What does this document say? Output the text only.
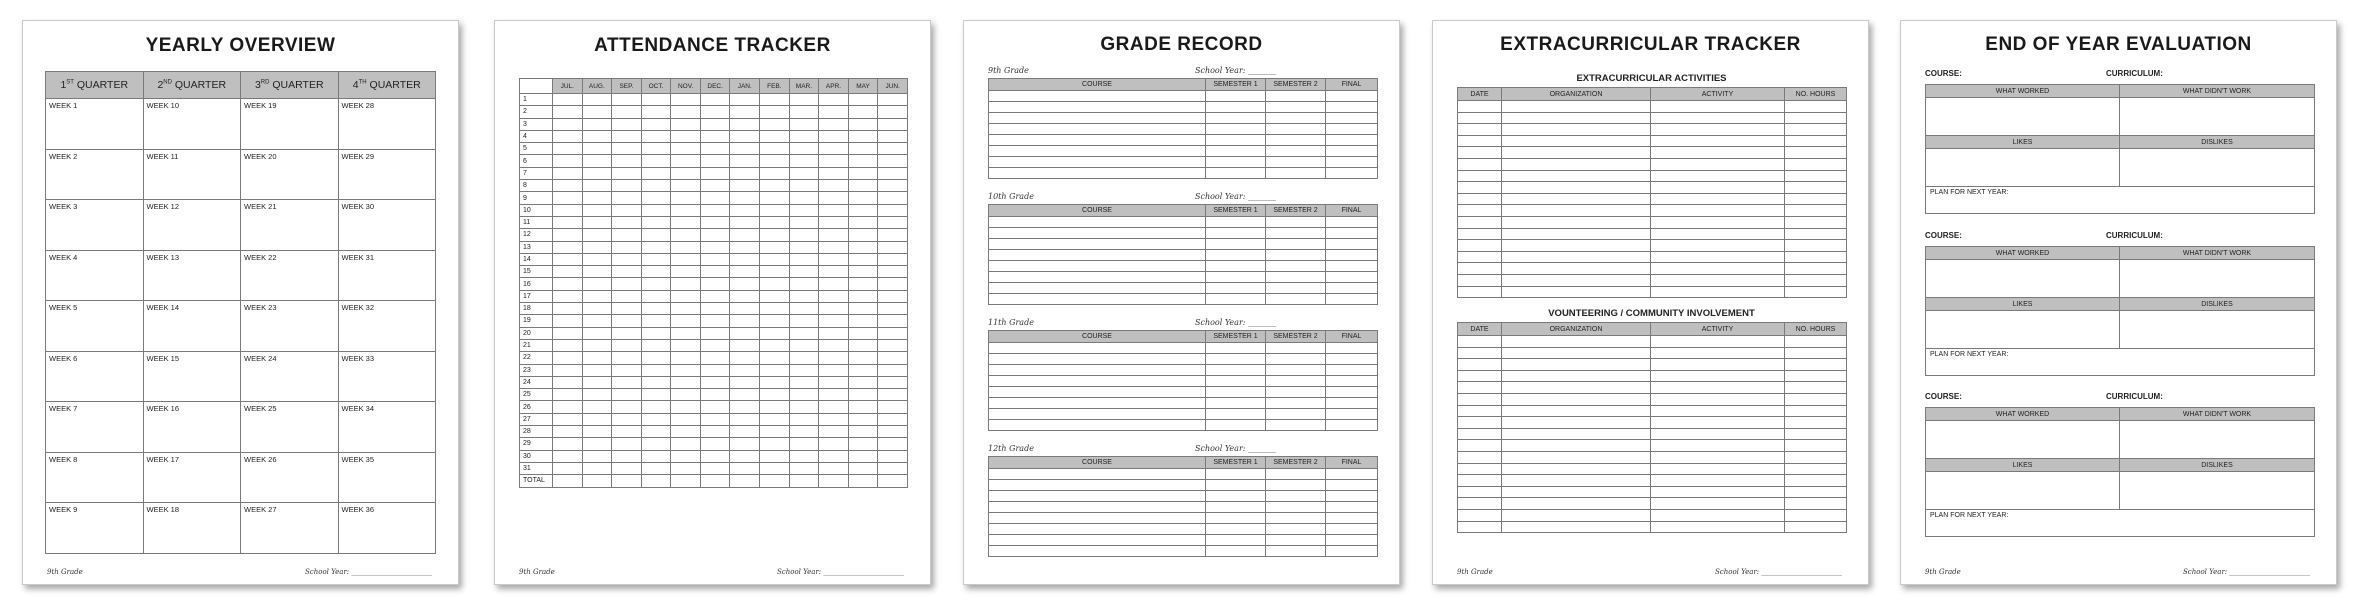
YEARLY OVERVIEW
1ST QUARTER	2ND QUARTER	3RD QUARTER	4TH QUARTER
WEEK 1	WEEK 10	WEEK 19	WEEK 28
WEEK 2	WEEK 11	WEEK 20	WEEK 29
WEEK 3	WEEK 12	WEEK 21	WEEK 30
WEEK 4	WEEK 13	WEEK 22	WEEK 31
WEEK 5	WEEK 14	WEEK 23	WEEK 32
WEEK 6	WEEK 15	WEEK 24	WEEK 33
WEEK 7	WEEK 16	WEEK 25	WEEK 34
WEEK 8	WEEK 17	WEEK 26	WEEK 35
WEEK 9	WEEK 18	WEEK 27	WEEK 36
9th Grade	School Year: _______________________
ATTENDANCE TRACKER
	JUL.	AUG.	SEP.	OCT.	NOV.	DEC.	JAN.	FEB.	MAR.	APR.	MAY	JUN.
1												
2												
3												
4												
5												
6												
7												
8												
9												
10												
11												
12												
13												
14												
15												
16												
17												
18												
19												
20												
21												
22												
23												
24												
25												
26												
27												
28												
29												
30												
31												
TOTAL												
9th Grade	School Year: _______________________
GRADE RECORD
9th Grade	School Year: _______
COURSE	SEMESTER 1	SEMESTER 2	FINAL

10th Grade	School Year: _______
COURSE	SEMESTER 1	SEMESTER 2	FINAL

11th Grade	School Year: _______
COURSE	SEMESTER 1	SEMESTER 2	FINAL

12th Grade	School Year: _______
COURSE	SEMESTER 1	SEMESTER 2	FINAL

EXTRACURRICULAR TRACKER
EXTRACURRICULAR ACTIVITIES
DATE	ORGANIZATION	ACTIVITY	NO. HOURS

VOUNTEERING / COMMUNITY INVOLVEMENT
DATE	ORGANIZATION	ACTIVITY	NO. HOURS

9th Grade	School Year: _______________________
END OF YEAR EVALUATION
9th Grade	School Year: _______________________
COURSE:	CURRICULUM:
WHAT WORKED	WHAT DIDN'T WORK

LIKES	DISLIKES

PLAN FOR NEXT YEAR:	
COURSE:	CURRICULUM:
WHAT WORKED	WHAT DIDN'T WORK

LIKES	DISLIKES

PLAN FOR NEXT YEAR:	
COURSE:	CURRICULUM:
WHAT WORKED	WHAT DIDN'T WORK

LIKES	DISLIKES

PLAN FOR NEXT YEAR:	
